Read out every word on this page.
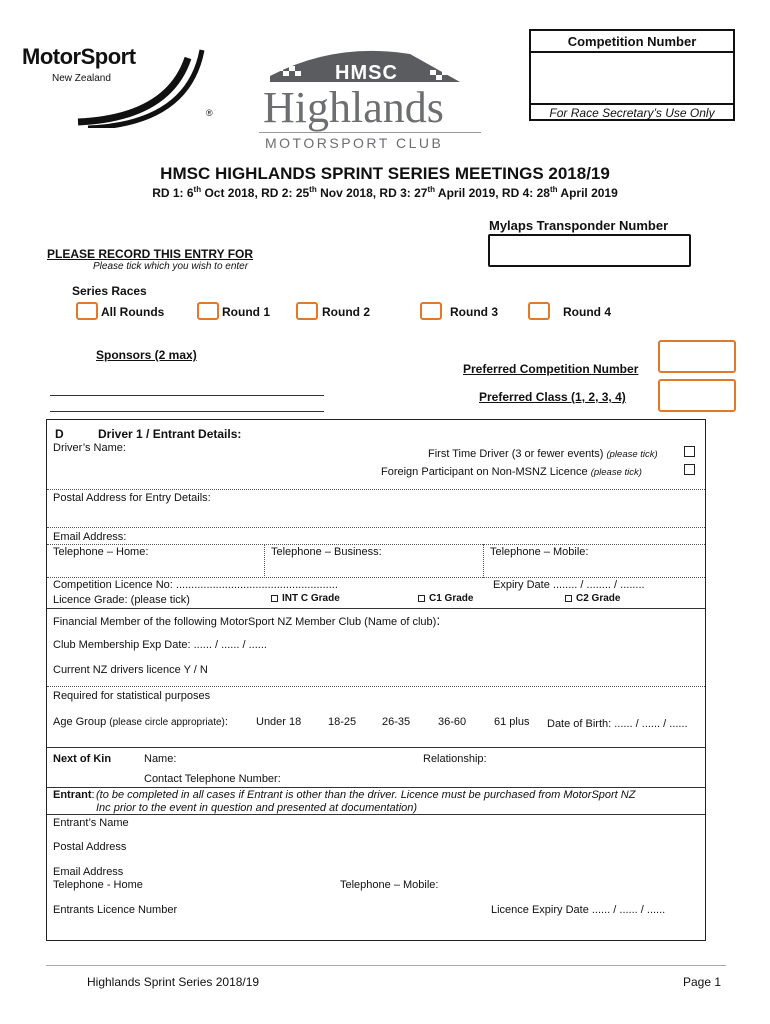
MotorSport
New Zealand
®
HMSC
Highlands
MOTORSPORT CLUB
Competition Number
For Race Secretary’s Use Only
HMSC HIGHLANDS SPRINT SERIES MEETINGS 2018/19
RD 1: 6th Oct 2018, RD 2: 25th Nov 2018, RD 3: 27th April 2019, RD 4: 28th April 2019
Mylaps Transponder Number
PLEASE RECORD THIS ENTRY FOR
Please tick which you wish to enter
Series Races
All Rounds	Round 1	Round 2	Round 3	Round 4
Sponsors (2 max)
Preferred Competition Number
Preferred Class (1, 2, 3, 4)
D	Driver 1 / Entrant Details:
Driver’s Name:	First Time Driver (3 or fewer events) (please tick)
Foreign Participant on Non-MSNZ Licence (please tick)
Postal Address for Entry Details:
Email Address:
Telephone – Home:	Telephone – Business:	Telephone – Mobile:
Competition Licence No: .....................................................	Expiry Date ........ / ........ / ........
Licence Grade: (please tick)	INT C Grade	C1 Grade	C2 Grade
Financial Member of the following MotorSport NZ Member Club (Name of club):
Club Membership Exp Date: ...... / ...... / ......
Current NZ drivers licence Y / N
Required for statistical purposes
Age Group (please circle appropriate):	Under 18 18-25 26-35	36-60	61 plus Date of Birth: ...... / ...... / ......
Next of Kin	Name:	Relationship:
Contact Telephone Number:
Entrant: (to be completed in all cases if Entrant is other than the driver. Licence must be purchased from MotorSport NZ
Inc prior to the event in question and presented at documentation)
Entrant’s Name
Postal Address
Email Address
Telephone - Home	Telephone – Mobile:
Entrants Licence Number	Licence Expiry Date ...... / ...... / ......
Highlands Sprint Series 2018/19	Page 1
